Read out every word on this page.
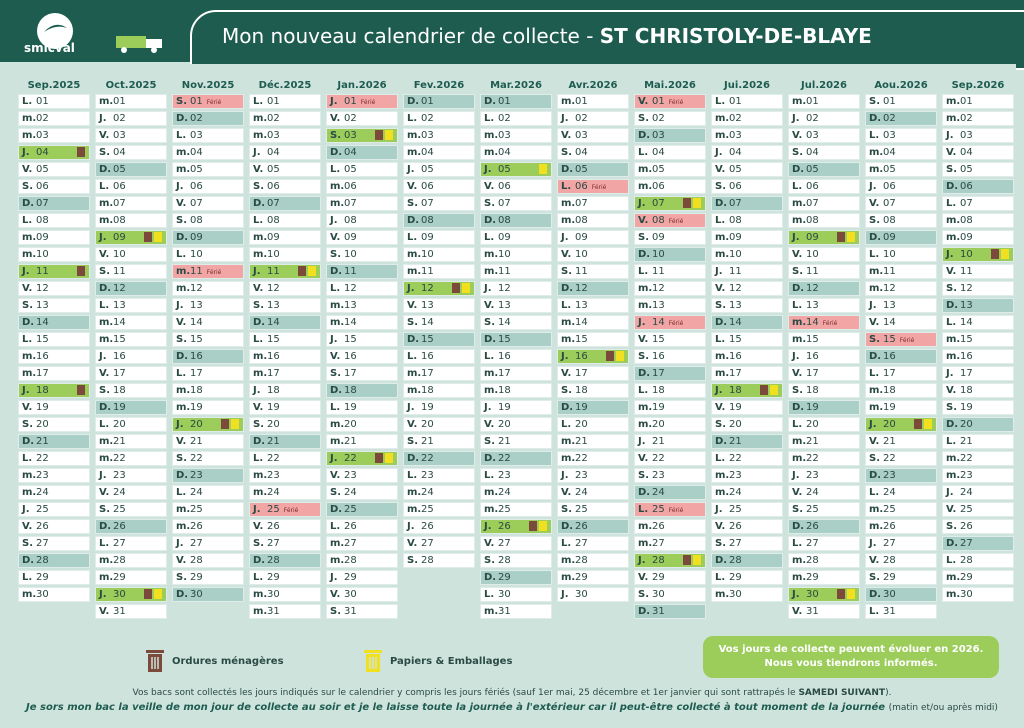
smicval	Mon nouveau calendrier de collecte - ST CHRISTOLY-DE-BLAYE
Sep.2025
L. 01
m.02
m.03
J. 04
V. 05
S. 06
D. 07
L. 08
m.09
m.10
J. 11
V. 12
S. 13
D. 14
L. 15
m.16
m.17
J. 18
V. 19
S. 20
D. 21
L. 22
m.23
m.24
J. 25
V. 26
S. 27
D. 28
L. 29
m.30
Oct.2025
m.01
J. 02
V. 03
S. 04
D. 05
L. 06
m.07
m.08
J. 09
V. 10
S. 11
D. 12
L. 13
m.14
m.15
J. 16
V. 17
S. 18
D. 19
L. 20
m.21
m.22
J. 23
V. 24
S. 25
D. 26
L. 27
m.28
m.29
J. 30
V. 31
Nov.2025
S. 01 Férié
D. 02
L. 03
m.04
m.05
J. 06
V. 07
S. 08
D. 09
L. 10
m.11 Férié
m.12
J. 13
V. 14
S. 15
D. 16
L. 17
m.18
m.19
J. 20
V. 21
S. 22
D. 23
L. 24
m.25
m.26
J. 27
V. 28
S. 29
D. 30
Déc.2025
L. 01
m.02
m.03
J. 04
V. 05
S. 06
D. 07
L. 08
m.09
m.10
J. 11
V. 12
S. 13
D. 14
L. 15
m.16
m.17
J. 18
V. 19
S. 20
D. 21
L. 22
m.23
m.24
J. 25 Férié
V. 26
S. 27
D. 28
L. 29
m.30
m.31
Jan.2026
J. 01 Férié
V. 02
S. 03
D. 04
L. 05
m.06
m.07
J. 08
V. 09
S. 10
D. 11
L. 12
m.13
m.14
J. 15
V. 16
S. 17
D. 18
L. 19
m.20
m.21
J. 22
V. 23
S. 24
D. 25
L. 26
m.27
m.28
J. 29
V. 30
S. 31
Fev.2026
D. 01
L. 02
m.03
m.04
J. 05
V. 06
S. 07
D. 08
L. 09
m.10
m.11
J. 12
V. 13
S. 14
D. 15
L. 16
m.17
m.18
J. 19
V. 20
S. 21
D. 22
L. 23
m.24
m.25
J. 26
V. 27
S. 28
Mar.2026
D. 01
L. 02
m.03
m.04
J. 05
V. 06
S. 07
D. 08
L. 09
m.10
m.11
J. 12
V. 13
S. 14
D. 15
L. 16
m.17
m.18
J. 19
V. 20
S. 21
D. 22
L. 23
m.24
m.25
J. 26
V. 27
S. 28
D. 29
L. 30
m.31
Avr.2026
m.01
J. 02
V. 03
S. 04
D. 05
L. 06 Férié
m.07
m.08
J. 09
V. 10
S. 11
D. 12
L. 13
m.14
m.15
J. 16
V. 17
S. 18
D. 19
L. 20
m.21
m.22
J. 23
V. 24
S. 25
D. 26
L. 27
m.28
m.29
J. 30
Mai.2026
V. 01 Férié
S. 02
D. 03
L. 04
m.05
m.06
J. 07
V. 08 Férié
S. 09
D. 10
L. 11
m.12
m.13
J. 14 Férié
V. 15
S. 16
D. 17
L. 18
m.19
m.20
J. 21
V. 22
S. 23
D. 24
L. 25 Férié
m.26
m.27
J. 28
V. 29
S. 30
D. 31
Jui.2026
L. 01
m.02
m.03
J. 04
V. 05
S. 06
D. 07
L. 08
m.09
m.10
J. 11
V. 12
S. 13
D. 14
L. 15
m.16
m.17
J. 18
V. 19
S. 20
D. 21
L. 22
m.23
m.24
J. 25
V. 26
S. 27
D. 28
L. 29
m.30
Jul.2026
m.01
J. 02
V. 03
S. 04
D. 05
L. 06
m.07
m.08
J. 09
V. 10
S. 11
D. 12
L. 13
m.14 Férié
m.15
J. 16
V. 17
S. 18
D. 19
L. 20
m.21
m.22
J. 23
V. 24
S. 25
D. 26
L. 27
m.28
m.29
J. 30
V. 31
Aou.2026
S. 01
D. 02
L. 03
m.04
m.05
J. 06
V. 07
S. 08
D. 09
L. 10
m.11
m.12
J. 13
V. 14
S. 15 Férié
D. 16
L. 17
m.18
m.19
J. 20
V. 21
S. 22
D. 23
L. 24
m.25
m.26
J. 27
V. 28
S. 29
D. 30
L. 31
Sep.2026
m.01
m.02
J. 03
V. 04
S. 05
D. 06
L. 07
m.08
m.09
J. 10
V. 11
S. 12
D. 13
L. 14
m.15
m.16
J. 17
V. 18
S. 19
D. 20
L. 21
m.22
m.23
J. 24
V. 25
S. 26
D. 27
L. 28
m.29
m.30
Ordures ménagères	Papiers & Emballages
Vos jours de collecte peuvent évoluer en 2026. Nous vous tiendrons informés.
Vos bacs sont collectés les jours indiqués sur le calendrier y compris les jours fériés (sauf 1er mai, 25 décembre et 1er janvier qui sont rattrapés le SAMEDI SUIVANT).
Je sors mon bac la veille de mon jour de collecte au soir et je le laisse toute la journée à l'extérieur car il peut-être collecté à tout moment de la journée (matin et/ou après midi)
